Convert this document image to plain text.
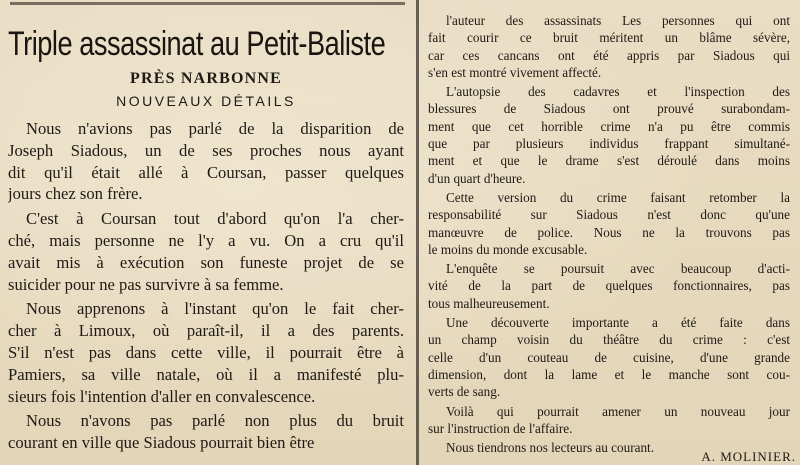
Triple assassinat au Petit-Baliste
PRÈS NARBONNE
NOUVEAUX DÉTAILS
Nous n'avions pas parlé de la disparition de
Joseph Siadous, un de ses proches nous ayant
dit qu'il était allé à Coursan, passer quelques
jours chez son frère.
C'est à Coursan tout d'abord qu'on l'a cher-
ché, mais personne ne l'y a vu. On a cru qu'il
avait mis à exécution son funeste projet de se
suicider pour ne pas survivre à sa femme.
Nous apprenons à l'instant qu'on le fait cher-
cher à Limoux, où paraît-il, il a des parents.
S'il n'est pas dans cette ville, il pourrait être à
Pamiers, sa ville natale, où il a manifesté plu-
sieurs fois l'intention d'aller en convalescence.
Nous n'avons pas parlé non plus du bruit
courant en ville que Siadous pourrait bien être
l'auteur des assassinats Les personnes qui ont
fait courir ce bruit méritent un blâme sévère,
car ces cancans ont été appris par Siadous qui
s'en est montré vivement affecté.
L'autopsie des cadavres et l'inspection des
blessures de Siadous ont prouvé surabondam-
ment que cet horrible crime n'a pu être commis
que par plusieurs individus frappant simultané-
ment et que le drame s'est déroulé dans moins
d'un quart d'heure.
Cette version du crime faisant retomber la
responsabilité sur Siadous n'est donc qu'une
manœuvre de police. Nous ne la trouvons pas
le moins du monde excusable.
L'enquête se poursuit avec beaucoup d'acti-
vité de la part de quelques fonctionnaires, pas
tous malheureusement.
Une découverte importante a été faite dans
un champ voisin du théâtre du crime : c'est
celle d'un couteau de cuisine, d'une grande
dimension, dont la lame et le manche sont cou-
verts de sang.
Voilà qui pourrait amener un nouveau jour
sur l'instruction de l'affaire.
Nous tiendrons nos lecteurs au courant.
A. MOLINIER.
